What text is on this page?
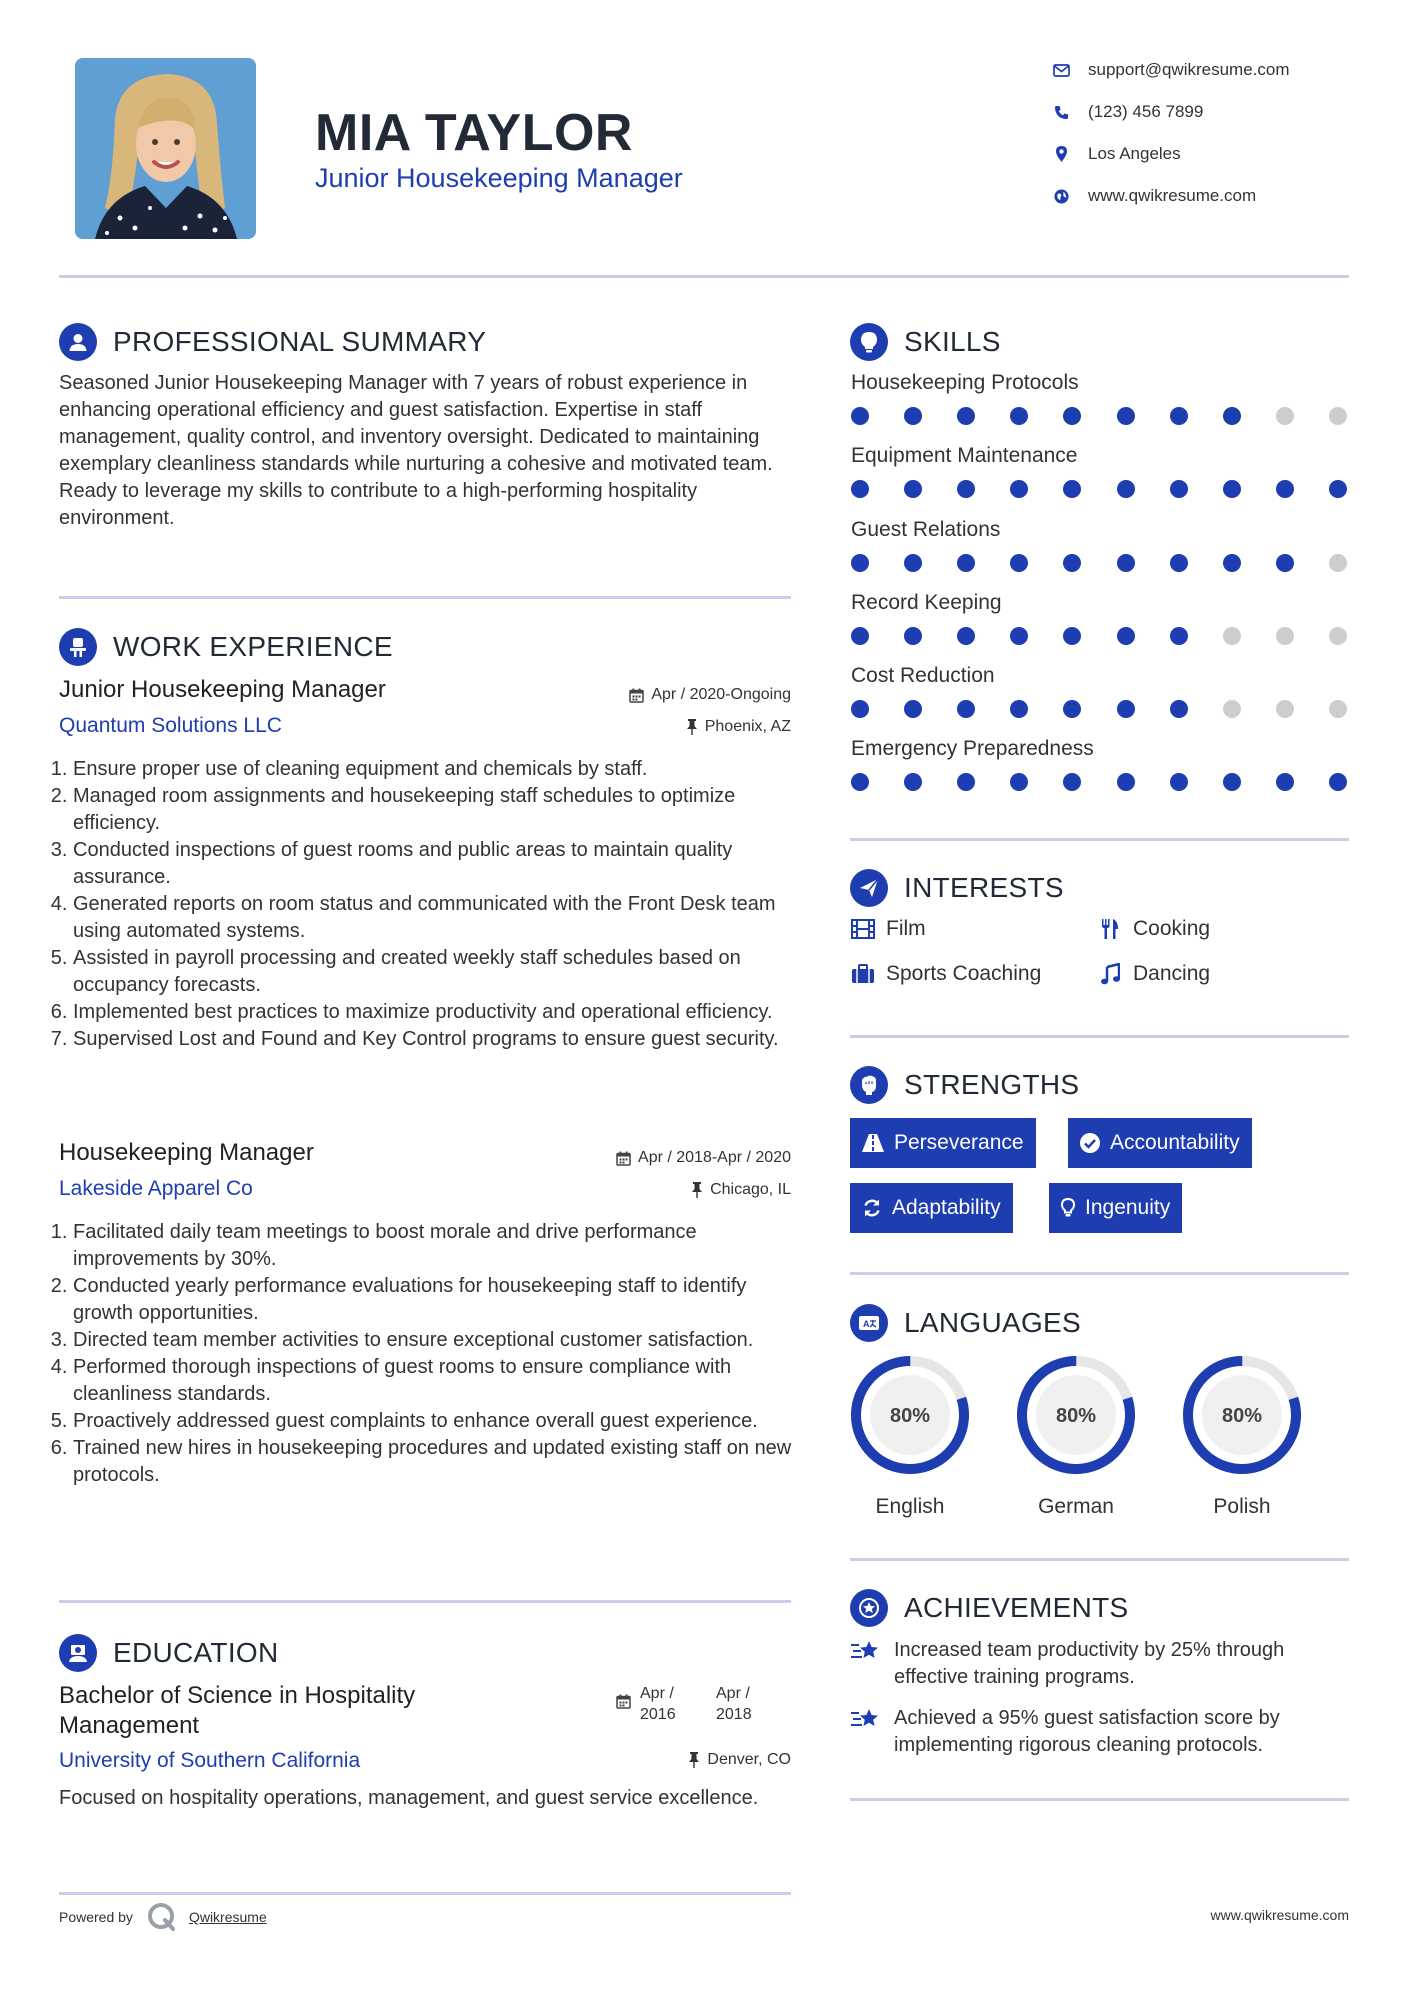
MIA TAYLOR
Junior Housekeeping Manager
support@qwikresume.com
(123) 456 7899
Los Angeles
www.qwikresume.com
PROFESSIONAL SUMMARY

Seasoned Junior Housekeeping Manager with 7 years of robust experience in enhancing operational efficiency and guest satisfaction. Expertise in staff management, quality control, and inventory oversight. Dedicated to maintaining exemplary cleanliness standards while nurturing a cohesive and motivated team. Ready to leverage my skills to contribute to a high-performing hospitality environment.

WORK EXPERIENCE
Junior Housekeeping Manager	Apr / 2020-Ongoing
Quantum Solutions LLC	Phoenix, AZ
1. Ensure proper use of cleaning equipment and chemicals by staff.
2. Managed room assignments and housekeeping staff schedules to optimize efficiency.
3. Conducted inspections of guest rooms and public areas to maintain quality assurance.
4. Generated reports on room status and communicated with the Front Desk team using automated systems.
5. Assisted in payroll processing and created weekly staff schedules based on occupancy forecasts.
6. Implemented best practices to maximize productivity and operational efficiency.
7. Supervised Lost and Found and Key Control programs to ensure guest security.
Housekeeping Manager	Apr / 2018-Apr / 2020
Lakeside Apparel Co	Chicago, IL
1. Facilitated daily team meetings to boost morale and drive performance improvements by 30%.
2. Conducted yearly performance evaluations for housekeeping staff to identify growth opportunities.
3. Directed team member activities to ensure exceptional customer satisfaction.
4. Performed thorough inspections of guest rooms to ensure compliance with cleanliness standards.
5. Proactively addressed guest complaints to enhance overall guest experience.
6. Trained new hires in housekeeping procedures and updated existing staff on new protocols.
EDUCATION
Bachelor of Science in Hospitality Management
Apr / 2016
Apr / 2018
University of Southern California	Denver, CO

Focused on hospitality operations, management, and guest service excellence.

Powered by	Qwikresume	www.qwikresume.com
SKILLS
Housekeeping Protocols
Equipment Maintenance
Guest Relations
Record Keeping
Cost Reduction
Emergency Preparedness
INTERESTS
Film	Cooking
Sports Coaching	Dancing
STRENGTHS
Perseverance	Accountability
Adaptability	Ingenuity
A LANGUAGES
80%
English
80%
German
80%
Polish
ACHIEVEMENTS
Increased team productivity by 25% through effective training programs.
Achieved a 95% guest satisfaction score by implementing rigorous cleaning protocols.
